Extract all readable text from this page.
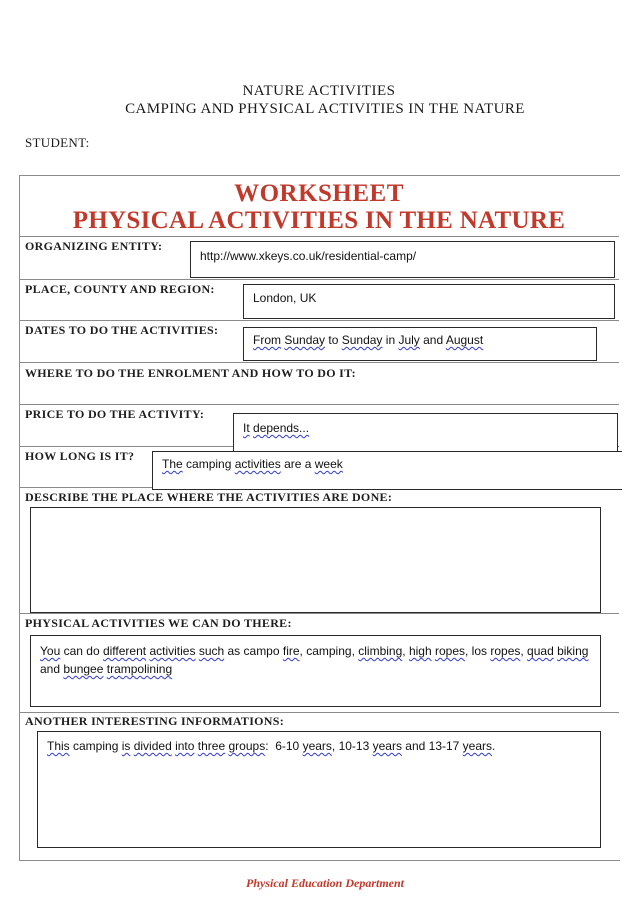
NATURE ACTIVITIES
CAMPING AND PHYSICAL ACTIVITIES IN THE NATURE
STUDENT:
WORKSHEET
PHYSICAL ACTIVITIES IN THE NATURE
ORGANIZING ENTITY:
http://www.xkeys.co.uk/residential-camp/
PLACE, COUNTY AND REGION:
London, UK
DATES TO DO THE ACTIVITIES:
From Sunday to Sunday in July and August
WHERE TO DO THE ENROLMENT AND HOW TO DO IT:
PRICE TO DO THE ACTIVITY:
It depends...
HOW LONG IS IT?
The camping activities are a week
DESCRIBE THE PLACE WHERE THE ACTIVITIES ARE DONE:
PHYSICAL ACTIVITIES WE CAN DO THERE:
You can do different activities such as campo fire, camping, climbing, high ropes, los ropes, quad biking and bungee trampolining
ANOTHER INTERESTING INFORMATIONS:
This camping is divided into three groups:  6-10 years, 10-13 years and 13-17 years.
Physical Education Department
